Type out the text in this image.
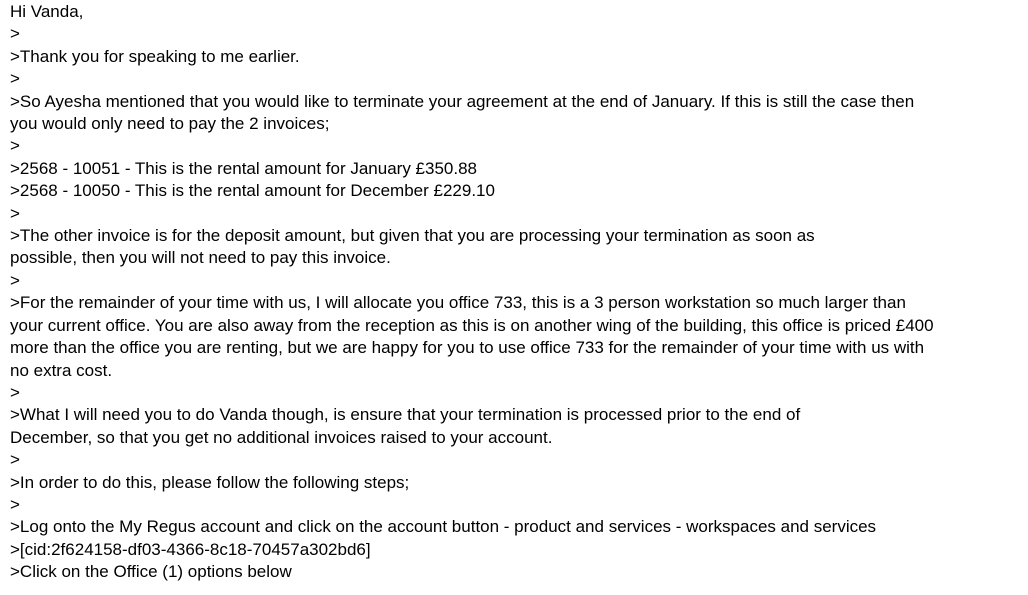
Hi Vanda,

>

>Thank you for speaking to me earlier.

>

>So Ayesha mentioned that you would like to terminate your agreement at the end of January. If this is still the case then you would only need to pay the 2 invoices;

>

>2568 - 10051 - This is the rental amount for January £350.88

>2568 - 10050 - This is the rental amount for December £229.10

>

>The other invoice is for the deposit amount, but given that you are processing your termination as soon as possible, then you will not need to pay this invoice.

>

>For the remainder of your time with us, I will allocate you office 733, this is a 3 person workstation so much larger than your current office. You are also away from the reception as this is on another wing of the building, this office is priced £400 more than the office you are renting, but we are happy for you to use office 733 for the remainder of your time with us with no extra cost.

>

>What I will need you to do Vanda though, is ensure that your termination is processed prior to the end of December, so that you get no additional invoices raised to your account.

>

>In order to do this, please follow the following steps;

>

>Log onto the My Regus account and click on the account button - product and services - workspaces and services

>[cid:2f624158-df03-4366-8c18-70457a302bd6]

>Click on the Office (1) options below
